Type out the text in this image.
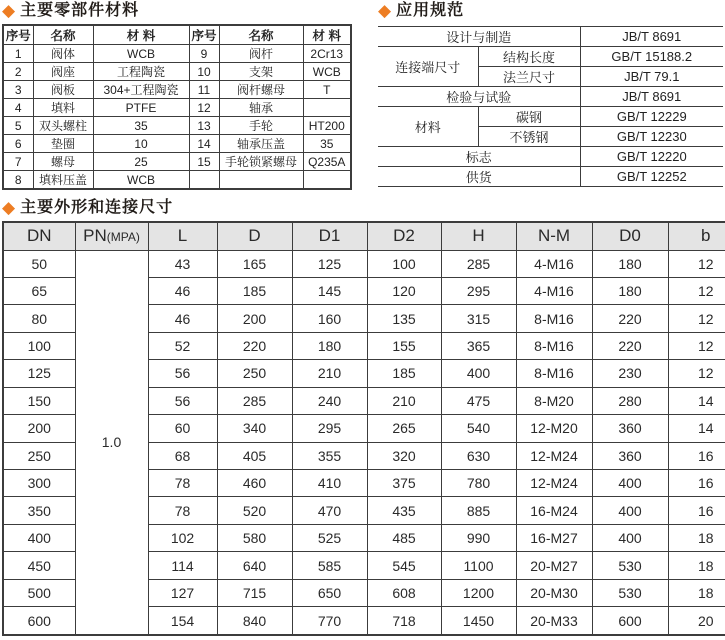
◆ 主要零部件材料
序号	名称	材 料	序号	名称	材 料
1	阀体	WCB	9	阀杆	2Cr13
2	阀座	工程陶瓷	10	支架	WCB
3	阀板	304+工程陶瓷	11	阀杆螺母	T
4	填料	PTFE	12	轴承	
5	双头螺柱	35	13	手轮	HT200
6	垫圈	10	14	轴承压盖	35
7	螺母	25	15	手轮锁紧螺母	Q235A
8	填料压盖	WCB			
◆ 应用规范
设计与制造		JB/T 8691
连接端尺寸	结构长度	GB/T 15188.2
	法兰尺寸	JB/T 79.1
检验与试验		JB/T 8691
材料	碳钢	GB/T 12229
	不锈钢	GB/T 12230
标志		GB/T 12220
供货		GB/T 12252
◆ 主要外形和连接尺寸
DN	PN(MPA)	L	D	D1	D2	H	N-M	D0	b
50	1.0	43	165	125	100	285	4-M16	180	12
65		46	185	145	120	295	4-M16	180	12
80		46	200	160	135	315	8-M16	220	12
100		52	220	180	155	365	8-M16	220	12
125		56	250	210	185	400	8-M16	230	12
150		56	285	240	210	475	8-M20	280	14
200		60	340	295	265	540	12-M20	360	14
250		68	405	355	320	630	12-M24	360	16
300		78	460	410	375	780	12-M24	400	16
350		78	520	470	435	885	16-M24	400	16
400		102	580	525	485	990	16-M27	400	18
450		114	640	585	545	1100	20-M27	530	18
500		127	715	650	608	1200	20-M30	530	18
600		154	840	770	718	1450	20-M33	600	20
